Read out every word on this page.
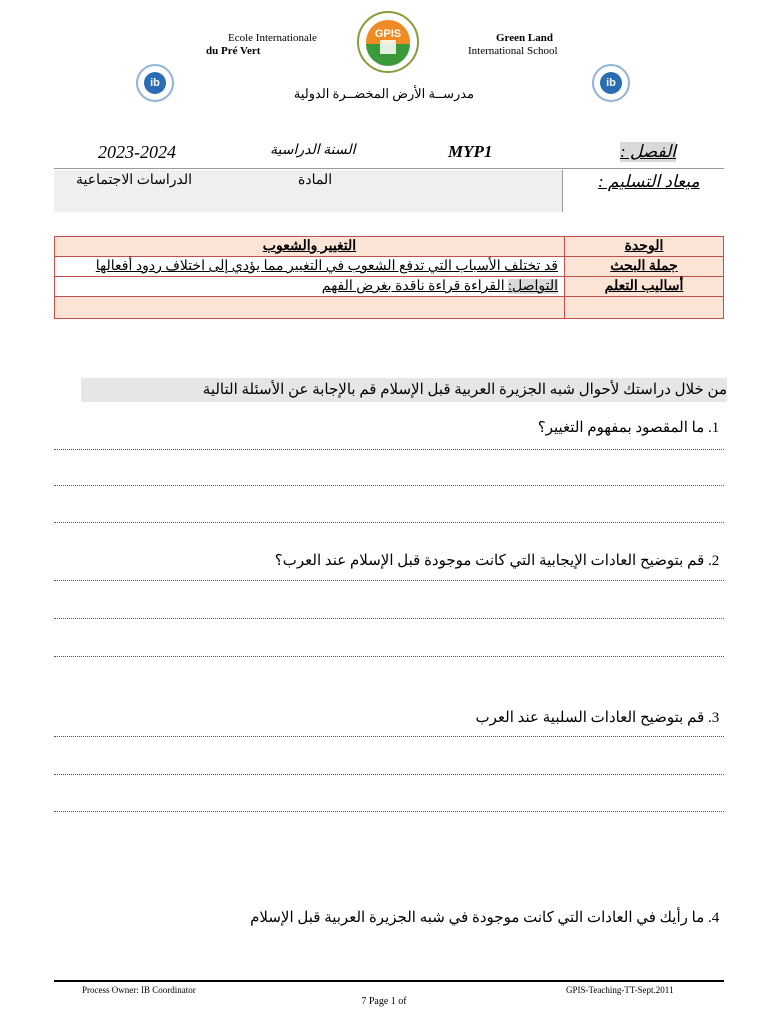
Ecole Internationale
du Pré Vert
GPIS	Green Land
International School
ib	ib
مدرســة الأرض المخضــرة الدولية
2023-2024	السنة الدراسية	MYP1	الفصل :
الدراسات الاجتماعية	المادة	ميعاد التسليم :
الوحدة	التغيير والشعوب
جملة البحث	قد تختلف الأسباب التي تدفع الشعوب في التغيير مما يؤدي إلى اختلاف ردود أفعالها
أساليب التعلم	التواصل: القراءة قراءة ناقدة بغرض الفهم

من خلال دراستك لأحوال شبه الجزيرة العربية قبل الإسلام قم بالإجابة عن الأسئلة التالية
1. ما المقصود بمفهوم التغيير؟
2. قم بتوضيح العادات الإيجابية التي كانت موجودة قبل الإسلام عند العرب؟
3. قم بتوضيح العادات السلبية عند العرب
4. ما رأيك في العادات التي كانت موجودة في شبه الجزيرة العربية قبل الإسلام
Process Owner: IB Coordinator	GPIS-Teaching-TT-Sept.2011
7 Page 1 of
